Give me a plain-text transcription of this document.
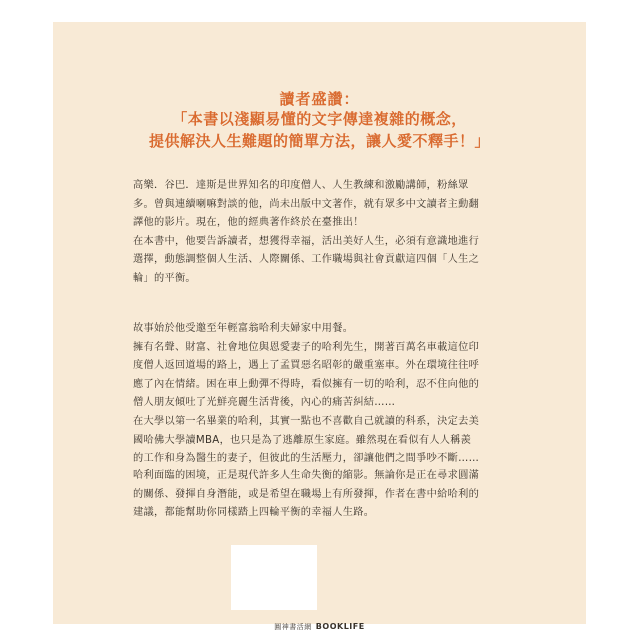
讀者盛讚：
「本書以淺顯易懂的文字傳達複雜的概念，
提供解決人生難題的簡單方法，讓人愛不釋手！」
高樂．谷巴．達斯是世界知名的印度僧人、人生教練和激勵講師，粉絲眾
多。曾與連續喇嘛對談的他，尚未出版中文著作，就有眾多中文讀者主動翻
譯他的影片。現在，他的經典著作終於在臺推出！
在本書中，他要告訴讀者，想獲得幸福，活出美好人生，必須有意識地進行
選擇，動態調整個人生活、人際關係、工作職場與社會貢獻這四個「人生之
輪」的平衡。
故事始於他受邀至年輕富翁哈利夫婦家中用餐。
擁有名聲、財富、社會地位與恩愛妻子的哈利先生，開著百萬名車載這位印
度僧人返回道場的路上，遇上了孟買惡名昭彰的嚴重塞車。外在環境往往呼
應了內在情緒。困在車上動彈不得時，看似擁有一切的哈利，忍不住向他的
僧人朋友傾吐了光鮮亮麗生活背後，內心的痛苦糾結……
在大學以第一名畢業的哈利，其實一點也不喜歡自己就讀的科系，決定去美
國哈佛大學讀MBA，也只是為了逃離原生家庭。雖然現在看似有人人稱羨
的工作和身為醫生的妻子，但彼此的生活壓力，卻讓他們之間爭吵不斷……
哈利面臨的困境，正是現代許多人生命失衡的縮影。無論你是正在尋求圓滿
的關係、發揮自身潛能，或是希望在職場上有所發揮，作者在書中給哈利的
建議，都能幫助你同樣踏上四輪平衡的幸福人生路。
圓神書活網 BOOKLIFE
